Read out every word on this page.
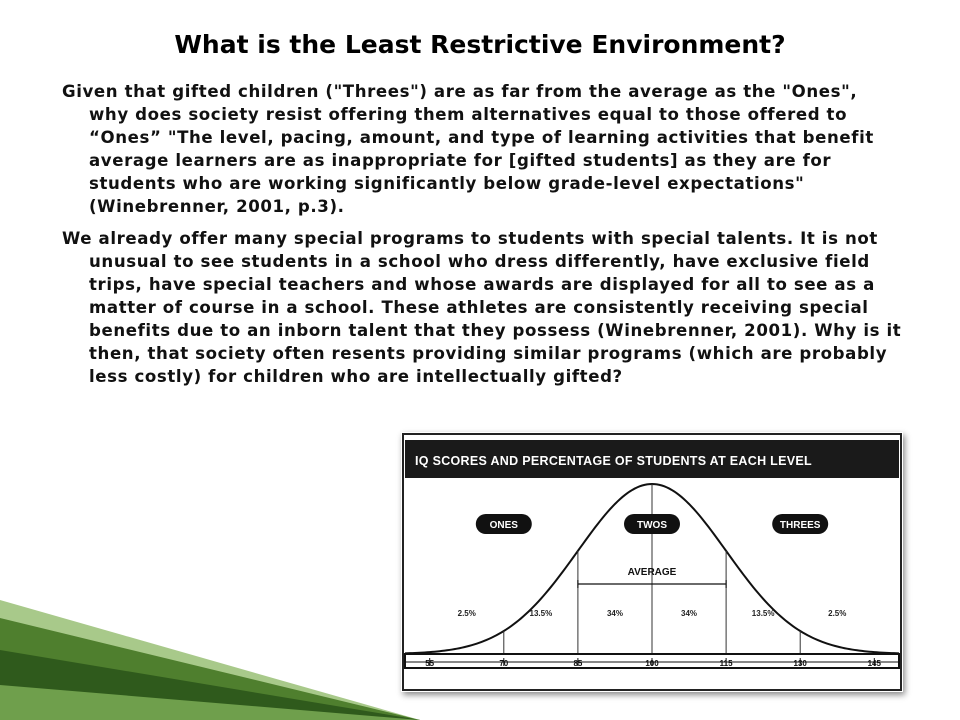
What is the Least Restrictive Environment?

Given that gifted children ("Threes") are as far from the average as the "Ones", why does society resist offering them alternatives equal to those offered to “Ones” "The level, pacing, amount, and type of learning activities that benefit average learners are as inappropriate for [gifted students] as they are for students who are working significantly below grade-level expectations" (Winebrenner, 2001, p.3).

We already offer many special programs to students with special talents. It is not unusual to see students in a school who dress differently, have exclusive field trips, have special teachers and whose awards are displayed for all to see as a matter of course in a school. These athletes are consistently receiving special benefits due to an inborn talent that they possess (Winebrenner, 2001). Why is it then, that society often resents providing similar programs (which are probably less costly) for children who are intellectually gifted?

IQ SCORES AND PERCENTAGE OF STUDENTS AT EACH LEVEL
55	70	85	100	115	130	145
2.5%	13.5%	34%	34%	13.5%	2.5%
AVERAGE
ONES	TWOS	THREES
